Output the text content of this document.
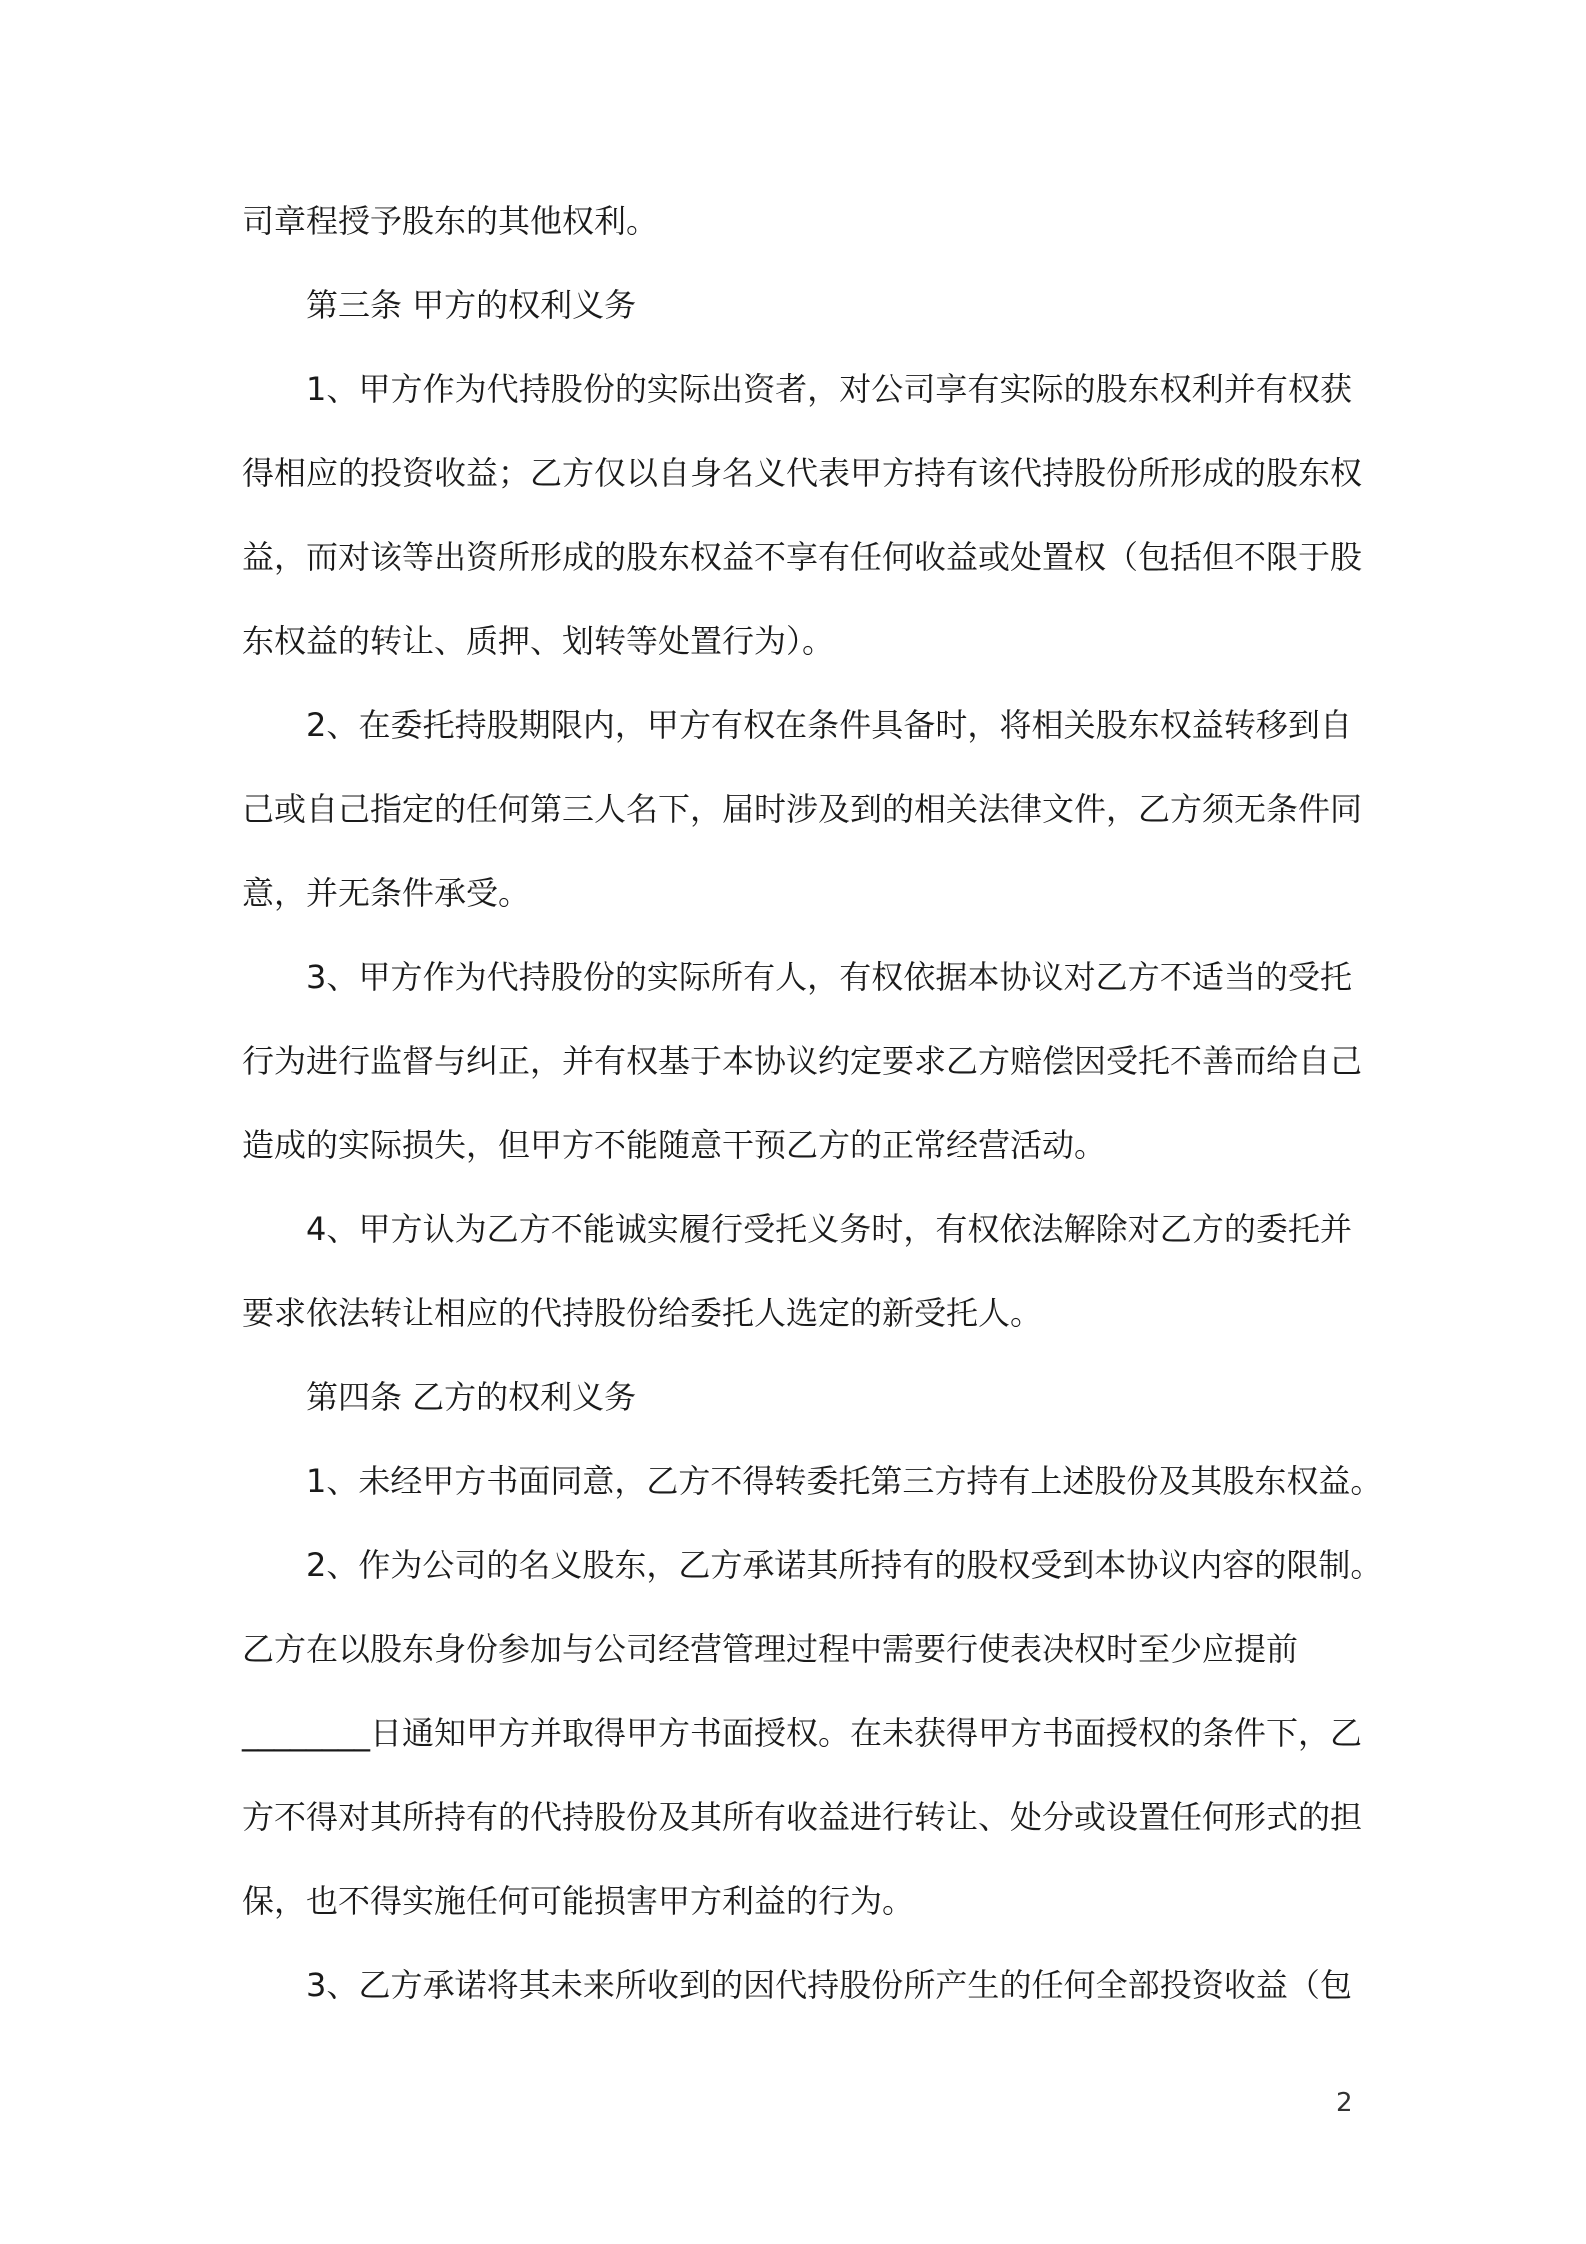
司章程授予股东的其他权利。
第三条 甲方的权利义务
1、甲方作为代持股份的实际出资者，对公司享有实际的股东权利并有权获
得相应的投资收益；乙方仅以自身名义代表甲方持有该代持股份所形成的股东权
益，而对该等出资所形成的股东权益不享有任何收益或处置权（包括但不限于股
东权益的转让、质押、划转等处置行为）。
2、在委托持股期限内，甲方有权在条件具备时，将相关股东权益转移到自
己或自己指定的任何第三人名下，届时涉及到的相关法律文件，乙方须无条件同
意，并无条件承受。
3、甲方作为代持股份的实际所有人，有权依据本协议对乙方不适当的受托
行为进行监督与纠正，并有权基于本协议约定要求乙方赔偿因受托不善而给自己
造成的实际损失，但甲方不能随意干预乙方的正常经营活动。
4、甲方认为乙方不能诚实履行受托义务时，有权依法解除对乙方的委托并
要求依法转让相应的代持股份给委托人选定的新受托人。
第四条 乙方的权利义务
1、未经甲方书面同意，乙方不得转委托第三方持有上述股份及其股东权益。
2、作为公司的名义股东，乙方承诺其所持有的股权受到本协议内容的限制。
乙方在以股东身份参加与公司经营管理过程中需要行使表决权时至少应提前
________日通知甲方并取得甲方书面授权。在未获得甲方书面授权的条件下，乙
方不得对其所持有的代持股份及其所有收益进行转让、处分或设置任何形式的担
保，也不得实施任何可能损害甲方利益的行为。
3、乙方承诺将其未来所收到的因代持股份所产生的任何全部投资收益（包
2
